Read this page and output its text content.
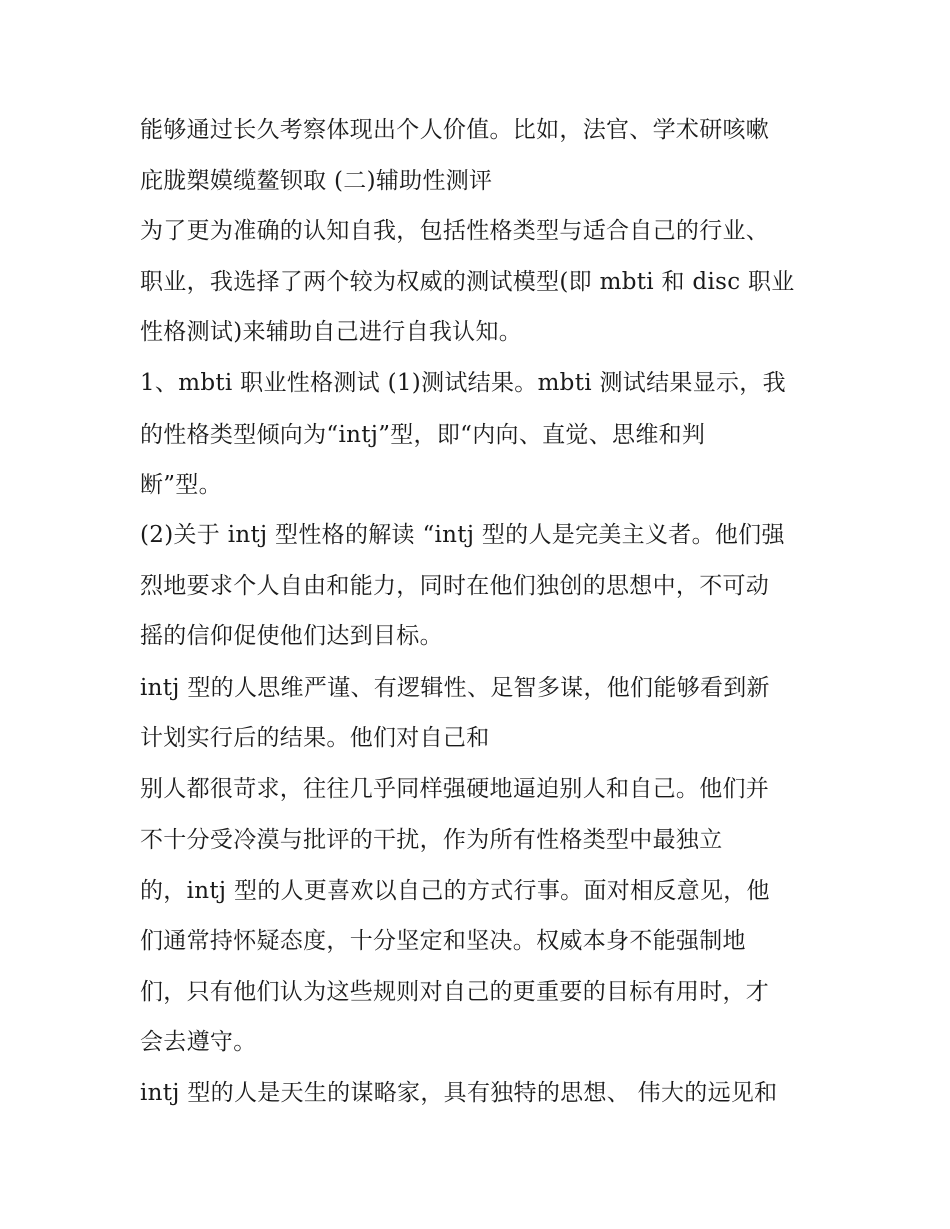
能够通过长久考察体现出个人价值。比如，法官、学术研咳嗽
庇胧槊嫫缆鳌钡取 (二)辅助性测评
为了更为准确的认知自我，包括性格类型与适合自己的行业、
职业，我选择了两个较为权威的测试模型(即 mbti 和 disc 职业
性格测试)来辅助自己进行自我认知。
1、mbti 职业性格测试 (1)测试结果。mbti 测试结果显示，我
的性格类型倾向为“intj”型，即“内向、直觉、思维和判
断”型。
(2)关于 intj 型性格的解读 “intj 型的人是完美主义者。他们强
烈地要求个人自由和能力，同时在他们独创的思想中，不可动
摇的信仰促使他们达到目标。
intj 型的人思维严谨、有逻辑性、足智多谋，他们能够看到新
计划实行后的结果。他们对自己和
别人都很苛求，往往几乎同样强硬地逼迫别人和自己。他们并
不十分受冷漠与批评的干扰，作为所有性格类型中最独立
的，intj 型的人更喜欢以自己的方式行事。面对相反意见，他
们通常持怀疑态度，十分坚定和坚决。权威本身不能强制地
们，只有他们认为这些规则对自己的更重要的目标有用时，才
会去遵守。
intj 型的人是天生的谋略家，具有独特的思想、 伟大的远见和
